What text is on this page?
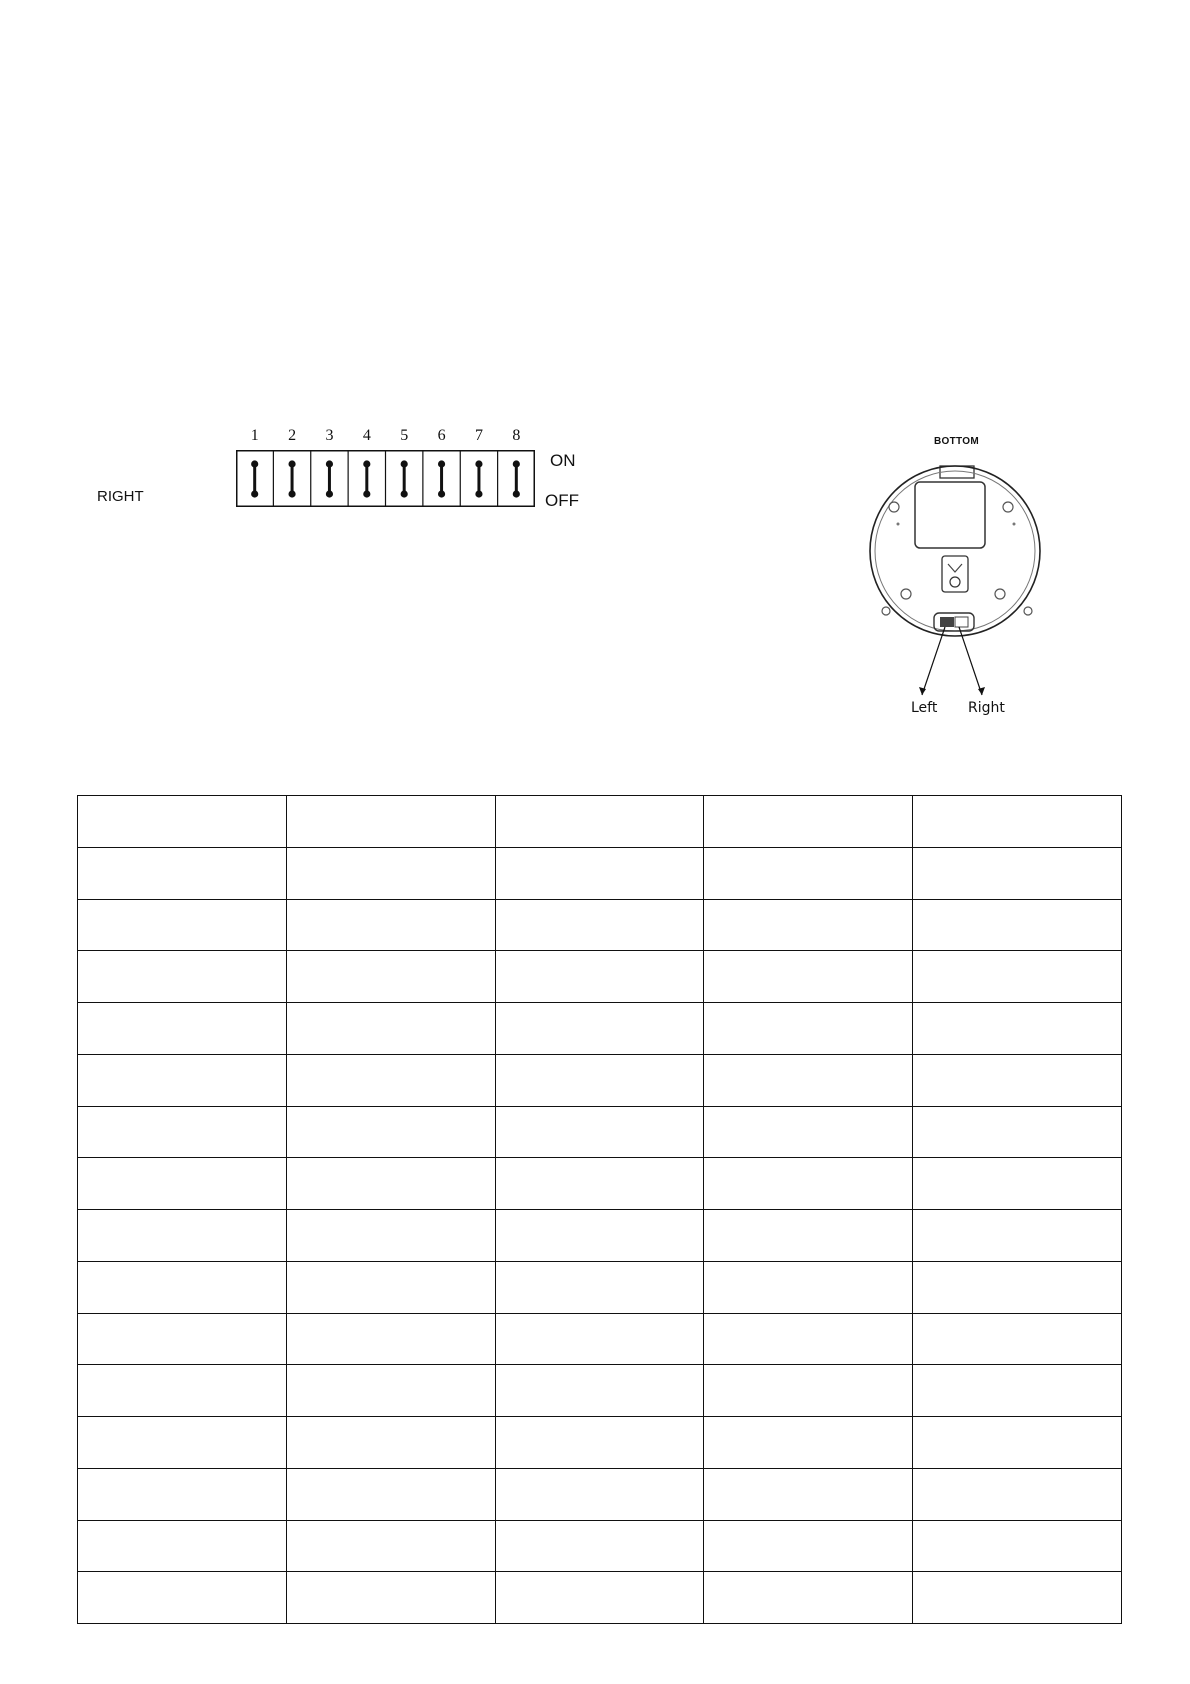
RIGHT
1	2	3	4	5	6	7	8
ON
OFF
BOTTOM
Left Right
